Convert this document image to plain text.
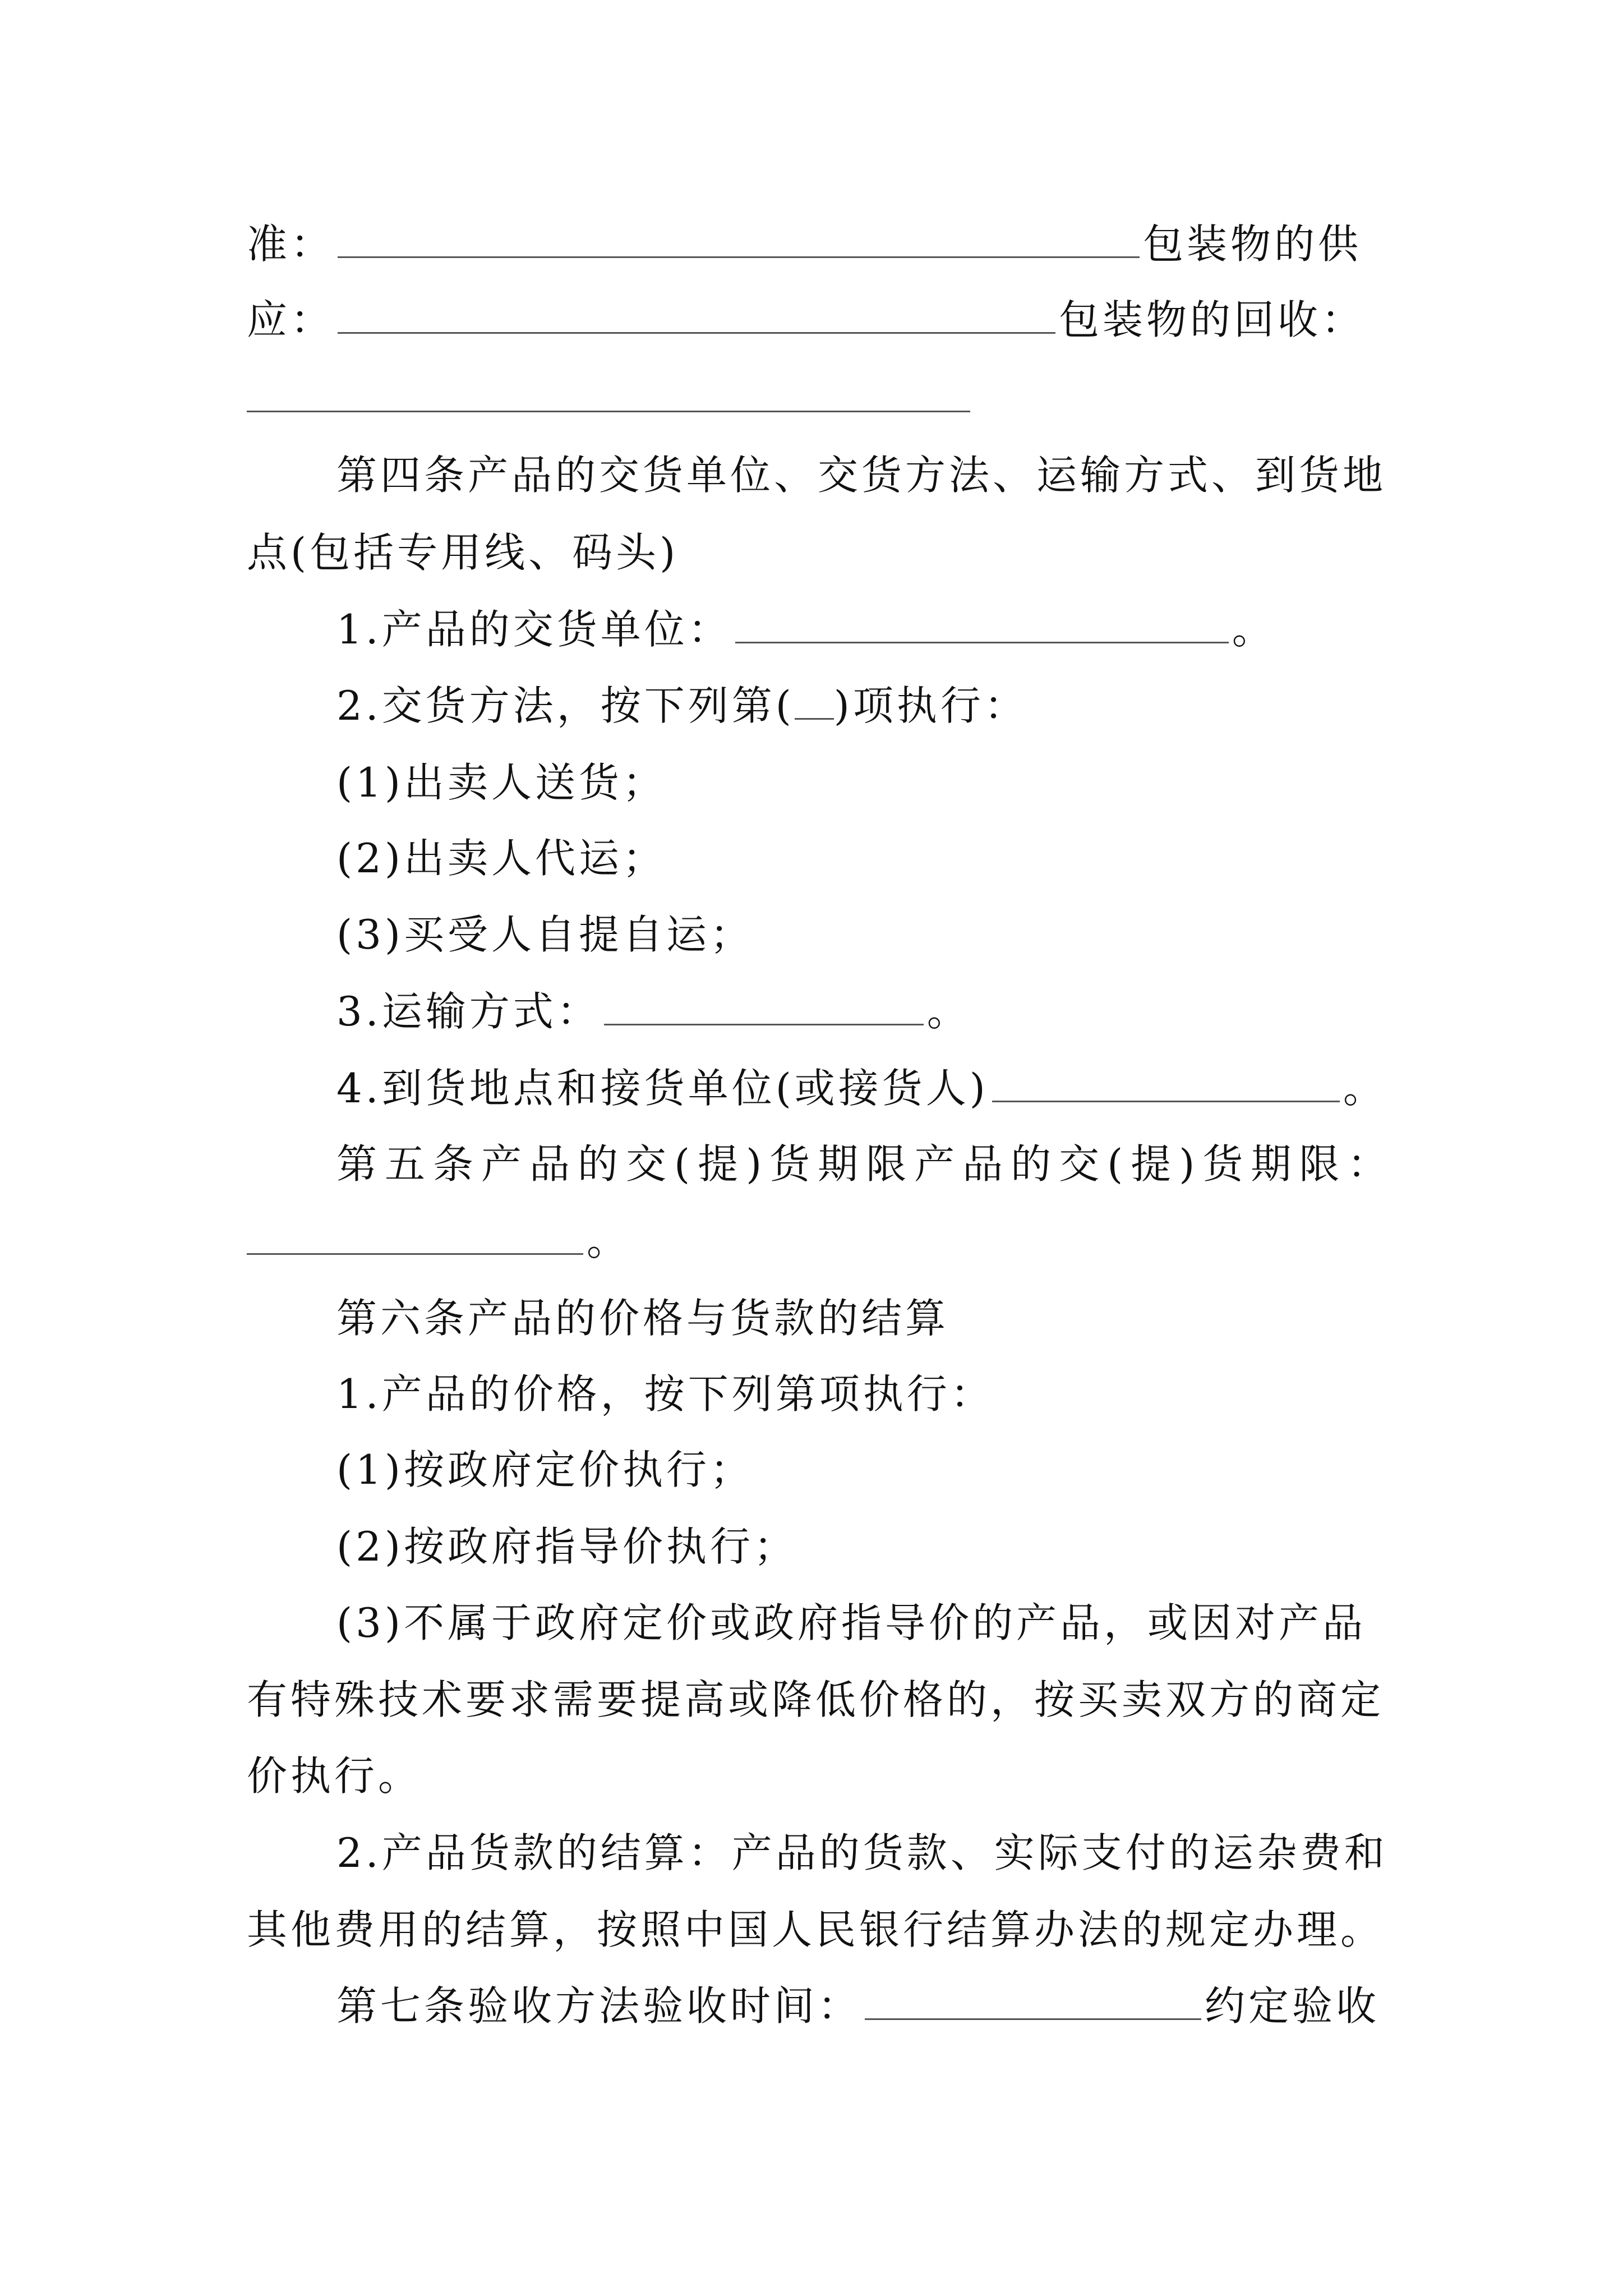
准：	包装物的供
应：	包装物的回收：
第四条产品的交货单位、交货方法、运输方式、到货地
点(包括专用线、码头)
1.产品的交货单位：	。
2.交货方法，按下列第( )项执行：
(1)出卖人送货；
(2)出卖人代运；
(3)买受人自提自运；
3.运输方式：	。
4.到货地点和接货单位(或接货人)	。
第五条产品的交(提)货期限产品的交(提)货期限：
。
第六条产品的价格与货款的结算
1.产品的价格，按下列第项执行：
(1)按政府定价执行；
(2)按政府指导价执行；
(3)不属于政府定价或政府指导价的产品，或因对产品
有特殊技术要求需要提高或降低价格的，按买卖双方的商定
价执行。
2.产品货款的结算：产品的货款、实际支付的运杂费和
其他费用的结算，按照中国人民银行结算办法的规定办理。
第七条验收方法验收时间：	约定验收
